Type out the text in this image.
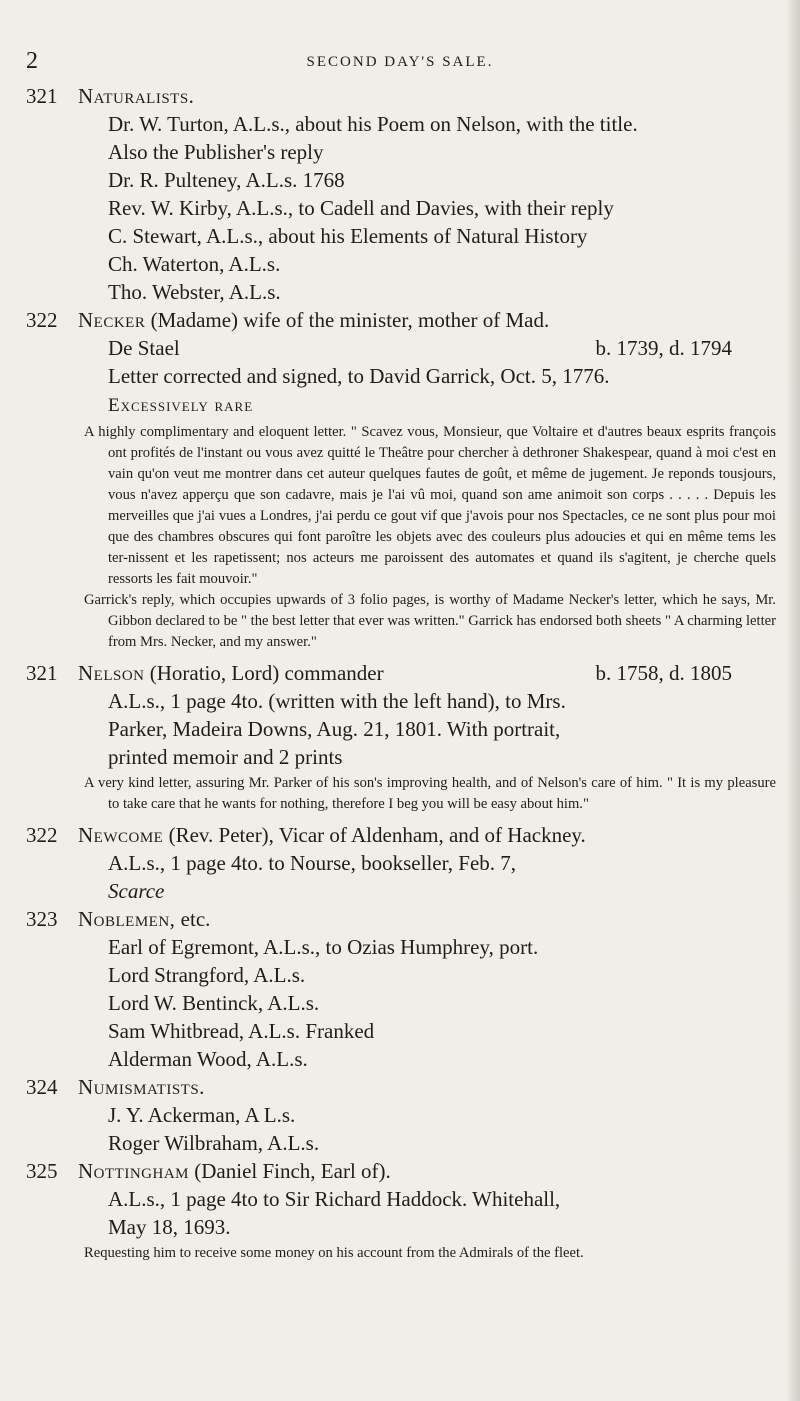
2	SECOND DAY'S SALE.
321 Naturalists.

Dr. W. Turton, A.L.s., about his Poem on Nelson, with the title.

Also the Publisher's reply

Dr. R. Pulteney, A.L.s. 1768

Rev. W. Kirby, A.L.s., to Cadell and Davies, with their reply

C. Stewart, A.L.s., about his Elements of Natural History

Ch. Waterton, A.L.s.

Tho. Webster, A.L.s.

322 Necker (Madame) wife of the minister, mother of Mad.

De Stael	b. 1739, d. 1794

Letter corrected and signed, to David Garrick, Oct. 5, 1776.

Excessively rare

A highly complimentary and eloquent letter. " Scavez vous, Monsieur, que Voltaire et d'autres beaux esprits françois ont profités de l'instant ou vous avez quitté le Theâtre pour chercher à dethroner Shakespear, quand à moi c'est en vain qu'on veut me montrer dans cet auteur quelques fautes de goût, et même de jugement. Je reponds tousjours, vous n'avez apperçu que son cadavre, mais je l'ai vû moi, quand son ame animoit son corps . . . . . Depuis les merveilles que j'ai vues a Londres, j'ai perdu ce gout vif que j'avois pour nos Spectacles, ce ne sont plus pour moi que des chambres obscures qui font paroître les objets avec des couleurs plus adoucies et qui en même tems les ter-nissent et les rapetissent; nos acteurs me paroissent des automates et quand ils s'agitent, je cherche quels ressorts les fait mouvoir."
Garrick's reply, which occupies upwards of 3 folio pages, is worthy of Madame Necker's letter, which he says, Mr. Gibbon declared to be " the best letter that ever was written." Garrick has endorsed both sheets " A charming letter from Mrs. Necker, and my answer."
321 Nelson (Horatio, Lord) commander	b. 1758, d. 1805

A.L.s., 1 page 4to. (written with the left hand), to Mrs.

Parker, Madeira Downs, Aug. 21, 1801. With portrait,

printed memoir and 2 prints

A very kind letter, assuring Mr. Parker of his son's improving health, and of Nelson's care of him. " It is my pleasure to take care that he wants for nothing, therefore I beg you will be easy about him."
322 Newcome (Rev. Peter), Vicar of Aldenham, and of Hackney.

A.L.s., 1 page 4to. to Nourse, bookseller, Feb. 7,

Scarce

323 Noblemen, etc.

Earl of Egremont, A.L.s., to Ozias Humphrey, port.

Lord Strangford, A.L.s.

Lord W. Bentinck, A.L.s.

Sam Whitbread, A.L.s. Franked

Alderman Wood, A.L.s.

324 Numismatists.

J. Y. Ackerman, A L.s.

Roger Wilbraham, A.L.s.

325 Nottingham (Daniel Finch, Earl of).

A.L.s., 1 page 4to to Sir Richard Haddock. Whitehall,

May 18, 1693.

Requesting him to receive some money on his account from the Admirals of the fleet.
